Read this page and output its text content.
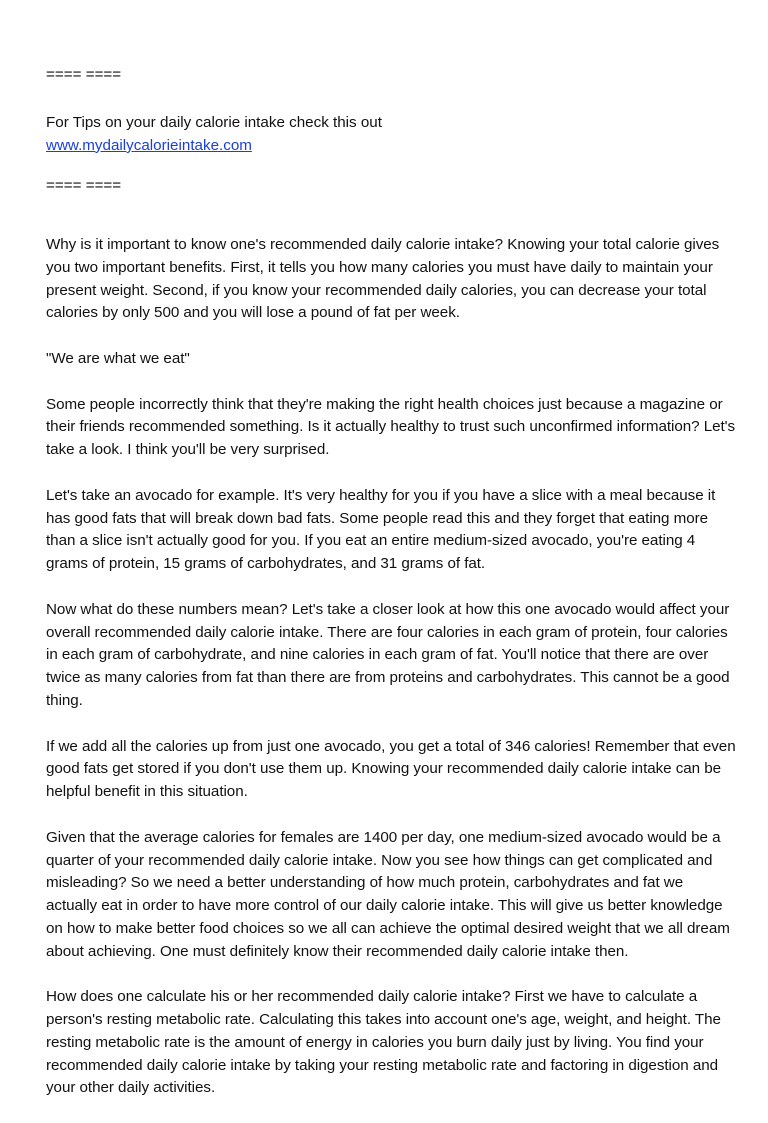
==== ====
For Tips on your daily calorie intake check this out
www.mydailycalorieintake.com
==== ====

Why is it important to know one's recommended daily calorie intake? Knowing your total calorie gives you two important benefits. First, it tells you how many calories you must have daily to maintain your present weight. Second, if you know your recommended daily calories, you can decrease your total calories by only 500 and you will lose a pound of fat per week.

"We are what we eat"

Some people incorrectly think that they're making the right health choices just because a magazine or their friends recommended something. Is it actually healthy to trust such unconfirmed information? Let's take a look. I think you'll be very surprised.

Let's take an avocado for example. It's very healthy for you if you have a slice with a meal because it has good fats that will break down bad fats. Some people read this and they forget that eating more than a slice isn't actually good for you. If you eat an entire medium-sized avocado, you're eating 4 grams of protein, 15 grams of carbohydrates, and 31 grams of fat.

Now what do these numbers mean? Let's take a closer look at how this one avocado would affect your overall recommended daily calorie intake. There are four calories in each gram of protein, four calories in each gram of carbohydrate, and nine calories in each gram of fat. You'll notice that there are over twice as many calories from fat than there are from proteins and carbohydrates. This cannot be a good thing.

If we add all the calories up from just one avocado, you get a total of 346 calories! Remember that even good fats get stored if you don't use them up. Knowing your recommended daily calorie intake can be helpful benefit in this situation.

Given that the average calories for females are 1400 per day, one medium-sized avocado would be a quarter of your recommended daily calorie intake. Now you see how things can get complicated and misleading? So we need a better understanding of how much protein, carbohydrates and fat we actually eat in order to have more control of our daily calorie intake. This will give us better knowledge on how to make better food choices so we all can achieve the optimal desired weight that we all dream about achieving. One must definitely know their recommended daily calorie intake then.

How does one calculate his or her recommended daily calorie intake? First we have to calculate a person's resting metabolic rate. Calculating this takes into account one's age, weight, and height. The resting metabolic rate is the amount of energy in calories you burn daily just by living. You find your recommended daily calorie intake by taking your resting metabolic rate and factoring in digestion and your other daily activities.
